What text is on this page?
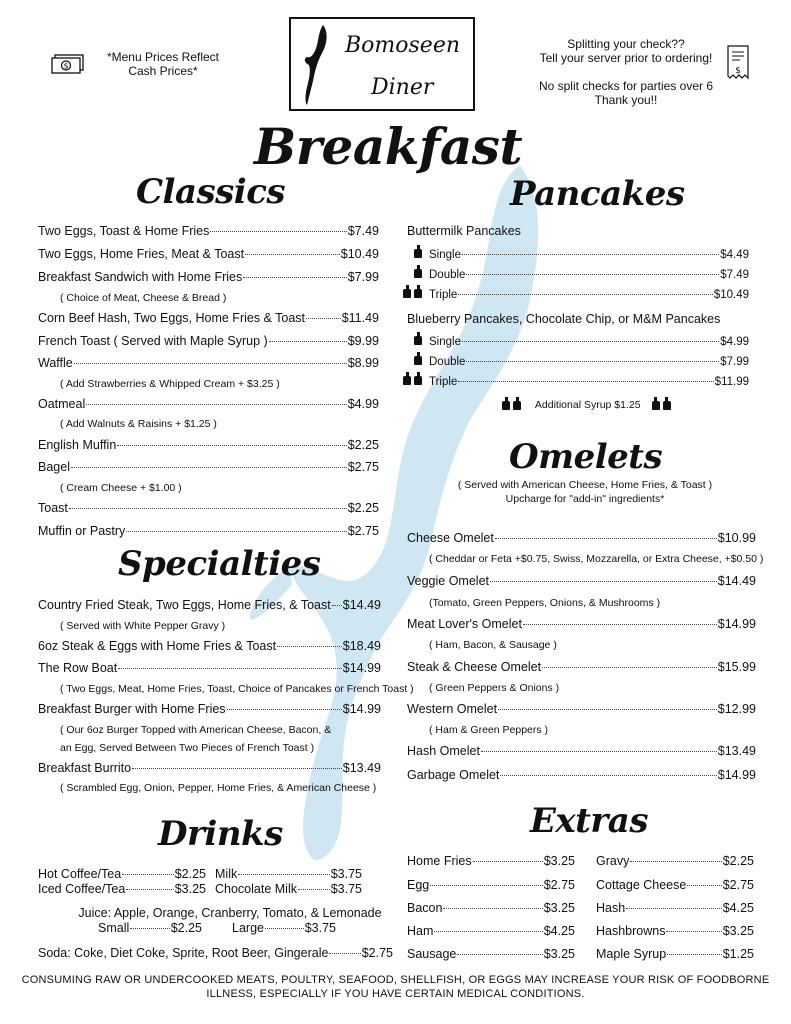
$
*Menu Prices Reflect
Cash Prices*
Bomoseen
Diner
Splitting your check??
Tell your server prior to ordering!
No split checks for parties over 6
Thank you!!
$
Breakfast
Classics	Pancakes
Specialties
Omelets
Drinks	Extras
Two Eggs, Toast & Home Fries	$7.49
Two Eggs, Home Fries, Meat & Toast	$10.49
Breakfast Sandwich with Home Fries	$7.99
( Choice of Meat, Cheese & Bread )
Corn Beef Hash, Two Eggs, Home Fries & Toast	$11.49
French Toast ( Served with Maple Syrup )	$9.99
Waffle	$8.99
( Add Strawberries & Whipped Cream + $3.25 )
Oatmeal	$4.99
( Add Walnuts & Raisins + $1.25 )
English Muffin	$2.25
Bagel	$2.75
( Cream Cheese + $1.00 )
Toast	$2.25
Muffin or Pastry	$2.75
Country Fried Steak, Two Eggs, Home Fries, & Toast $14.49
( Served with White Pepper Gravy )
6oz Steak & Eggs with Home Fries & Toast	$18.49
The Row Boat	$14.99
( Two Eggs, Meat, Home Fries, Toast, Choice of Pancakes or French Toast )
Breakfast Burger with Home Fries	$14.99
( Our 6oz Burger Topped with American Cheese, Bacon, &
an Egg, Served Between Two Pieces of French Toast )
Breakfast Burrito	$13.49
( Scrambled Egg, Onion, Pepper, Home Fries, & American Cheese )
Buttermilk Pancakes
Single	$4.49
Double	$7.49
Triple	$10.49
Blueberry Pancakes, Chocolate Chip, or M&M Pancakes
Single	$4.99
Double	$7.99
Triple	$11.99
Additional Syrup $1.25
( Served with American Cheese, Home Fries, & Toast )
Upcharge for "add-in" ingredients*
Cheese Omelet	$10.99
( Cheddar or Feta +$0.75, Swiss, Mozzarella, or Extra Cheese, +$0.50 )
Veggie Omelet	$14.49
(Tomato, Green Peppers, Onions, & Mushrooms )
Meat Lover's Omelet	$14.99
( Ham, Bacon, & Sausage )
Steak & Cheese Omelet	$15.99
( Green Peppers & Onions )
Western Omelet	$12.99
( Ham & Green Peppers )
Hash Omelet	$13.49
Garbage Omelet	$14.99
Hot Coffee/Tea	$2.25 Milk	$3.75
Iced Coffee/Tea	$3.25 Chocolate Milk	$3.75
Juice: Apple, Orange, Cranberry, Tomato, & Lemonade
Small	$2.25 Large	$3.75
Soda: Coke, Diet Coke, Sprite, Root Beer, Gingerale	$2.75
Home Fries	$3.25
Egg	$2.75
Bacon	$3.25
Ham	$4.25
Sausage	$3.25
Gravy	$2.25
Cottage Cheese	$2.75
Hash	$4.25
Hashbrowns	$3.25
Maple Syrup	$1.25
CONSUMING RAW OR UNDERCOOKED MEATS, POULTRY, SEAFOOD, SHELLFISH, OR EGGS MAY INCREASE YOUR RISK OF FOODBORNE
ILLNESS, ESPECIALLY IF YOU HAVE CERTAIN MEDICAL CONDITIONS.
